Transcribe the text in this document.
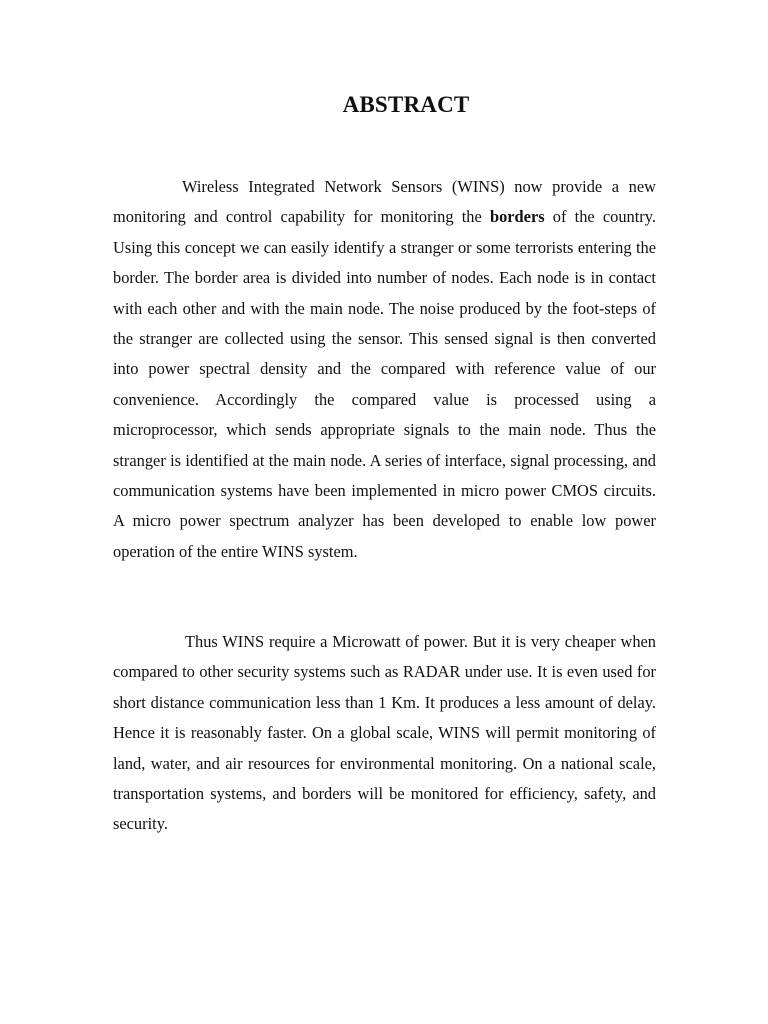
ABSTRACT

Wireless Integrated Network Sensors (WINS) now provide a new monitoring and control capability for monitoring the borders of the country. Using this concept we can easily identify a stranger or some terrorists entering the border. The border area is divided into number of nodes. Each node is in contact with each other and with the main node. The noise produced by the foot-steps of the stranger are collected using the sensor. This sensed signal is then converted into power spectral density and the compared with reference value of our convenience. Accordingly the compared value is processed using a microprocessor, which sends appropriate signals to the main node. Thus the stranger is identified at the main node. A series of interface, signal processing, and communication systems have been implemented in micro power CMOS circuits. A micro power spectrum analyzer has been developed to enable low power operation of the entire WINS system.

Thus WINS require a Microwatt of power. But it is very cheaper when compared to other security systems such as RADAR under use. It is even used for short distance communication less than 1 Km. It produces a less amount of delay. Hence it is reasonably faster. On a global scale, WINS will permit monitoring of land, water, and air resources for environmental monitoring. On a national scale, transportation systems, and borders will be monitored for efficiency, safety, and security.
